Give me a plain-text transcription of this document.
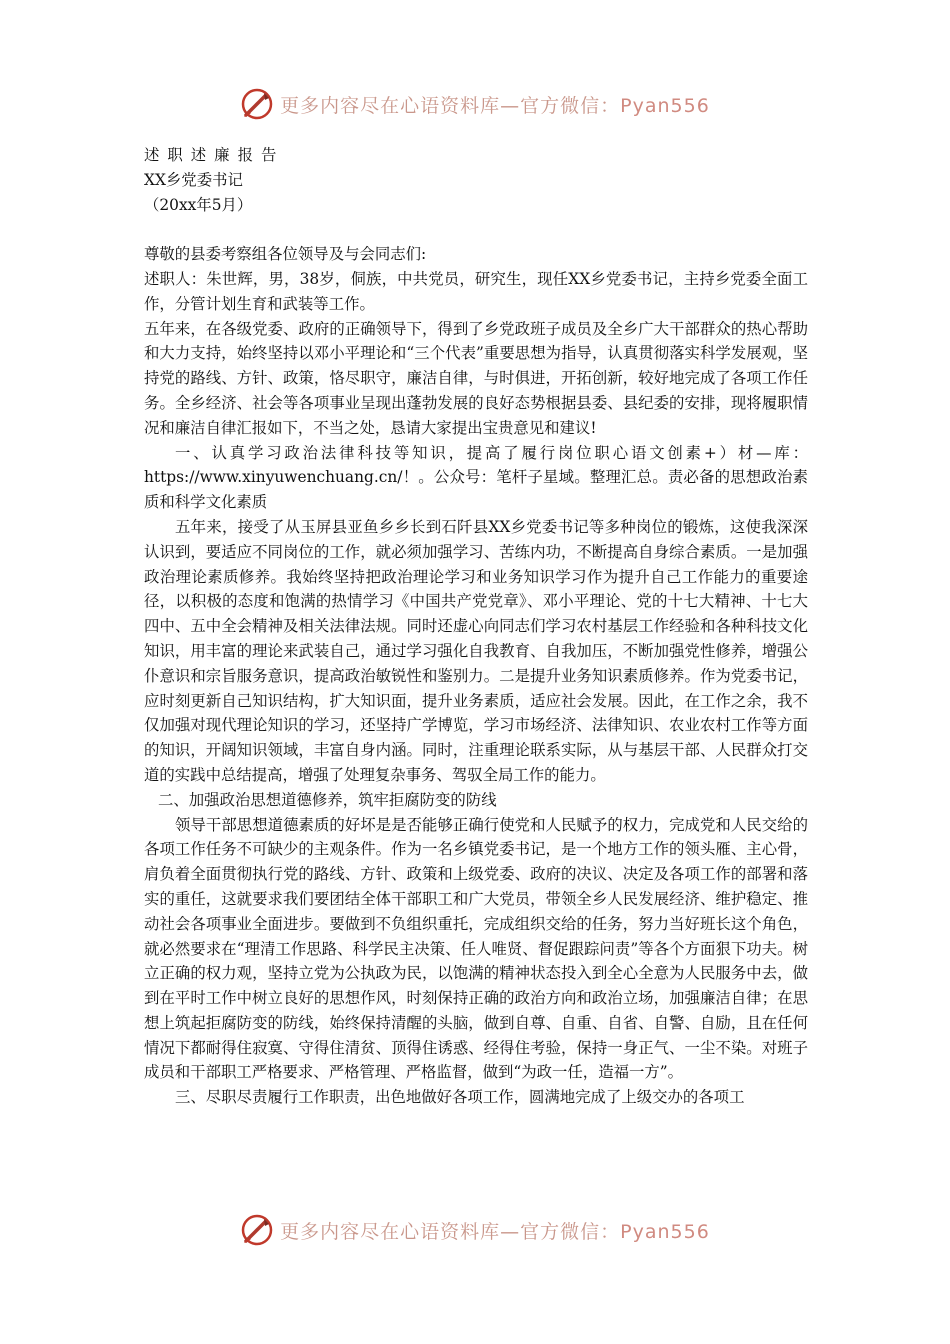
更多内容尽在心语资料库—官方微信：Pyan556

述职述廉报告

XX乡党委书记

（20xx年5月）

尊敬的县委考察组各位领导及与会同志们:

述职人：朱世辉，男，38岁，侗族，中共党员，研究生，现任XX乡党委书记，主持乡党委全面工作，分管计划生育和武装等工作。

五年来，在各级党委、政府的正确领导下，得到了乡党政班子成员及全乡广大干部群众的热心帮助和大力支持，始终坚持以邓小平理论和“三个代表”重要思想为指导，认真贯彻落实科学发展观，坚持党的路线、方针、政策，恪尽职守，廉洁自律，与时俱进，开拓创新，较好地完成了各项工作任务。全乡经济、社会等各项事业呈现出蓬勃发展的良好态势根据县委、县纪委的安排，现将履职情况和廉洁自律汇报如下，不当之处，恳请大家提出宝贵意见和建议!

一、认真学习政治法律科技等知识，提高了履行岗位职心语文创素+）材—库：https://www.xinyuwenchuang.cn/！。公众号：笔杆子星域。整理汇总。责必备的思想政治素质和科学文化素质

五年来，接受了从玉屏县亚鱼乡乡长到石阡县XX乡党委书记等多种岗位的锻炼，这使我深深认识到，要适应不同岗位的工作，就必须加强学习、苦练内功，不断提高自身综合素质。一是加强政治理论素质修养。我始终坚持把政治理论学习和业务知识学习作为提升自己工作能力的重要途径，以积极的态度和饱满的热情学习《中国共产党党章》、邓小平理论、党的十七大精神、十七大四中、五中全会精神及相关法律法规。同时还虚心向同志们学习农村基层工作经验和各种科技文化知识，用丰富的理论来武装自己，通过学习强化自我教育、自我加压，不断加强党性修养，增强公仆意识和宗旨服务意识，提高政治敏锐性和鉴别力。二是提升业务知识素质修养。作为党委书记，应时刻更新自己知识结构，扩大知识面，提升业务素质，适应社会发展。因此，在工作之余，我不仅加强对现代理论知识的学习，还坚持广学博览，学习市场经济、法律知识、农业农村工作等方面的知识，开阔知识领域，丰富自身内涵。同时，注重理论联系实际，从与基层干部、人民群众打交道的实践中总结提高，增强了处理复杂事务、驾驭全局工作的能力。

二、加强政治思想道德修养，筑牢拒腐防变的防线

领导干部思想道德素质的好坏是是否能够正确行使党和人民赋予的权力，完成党和人民交给的各项工作任务不可缺少的主观条件。作为一名乡镇党委书记，是一个地方工作的领头雁、主心骨，肩负着全面贯彻执行党的路线、方针、政策和上级党委、政府的决议、决定及各项工作的部署和落实的重任，这就要求我们要团结全体干部职工和广大党员，带领全乡人民发展经济、维护稳定、推动社会各项事业全面进步。要做到不负组织重托，完成组织交给的任务，努力当好班长这个角色，就必然要求在“理清工作思路、科学民主决策、任人唯贤、督促跟踪问责”等各个方面狠下功夫。树立正确的权力观，坚持立党为公执政为民，以饱满的精神状态投入到全心全意为人民服务中去，做到在平时工作中树立良好的思想作风，时刻保持正确的政治方向和政治立场，加强廉洁自律；在思想上筑起拒腐防变的防线，始终保持清醒的头脑，做到自尊、自重、自省、自警、自励，且在任何情况下都耐得住寂寞、守得住清贫、顶得住诱惑、经得住考验，保持一身正气、一尘不染。对班子成员和干部职工严格要求、严格管理、严格监督，做到“为政一任，造福一方”。

三、尽职尽责履行工作职责，出色地做好各项工作，圆满地完成了上级交办的各项工

更多内容尽在心语资料库—官方微信：Pyan556
